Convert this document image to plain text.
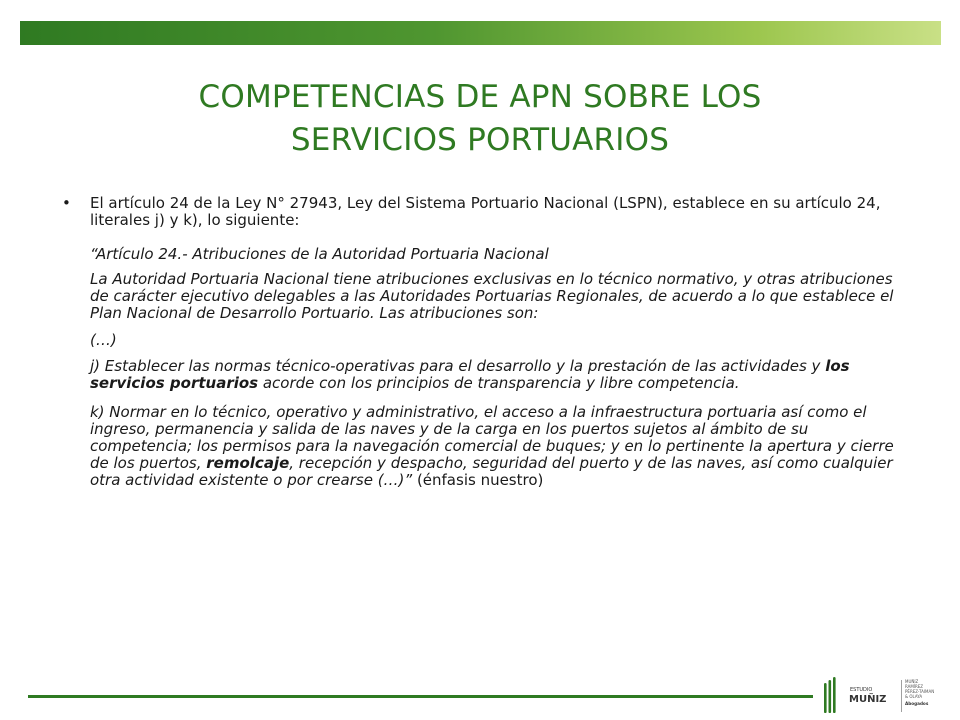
COMPETENCIAS DE APN SOBRE LOS
SERVICIOS PORTUARIOS
• El artículo 24 de la Ley N° 27943, Ley del Sistema Portuario Nacional (LSPN), establece en su artículo 24, literales j) y k), lo siguiente:

“Artículo 24.- Atribuciones de la Autoridad Portuaria Nacional

La Autoridad Portuaria Nacional tiene atribuciones exclusivas en lo técnico normativo, y otras atribuciones de carácter ejecutivo delegables a las Autoridades Portuarias Regionales, de acuerdo a lo que establece el Plan Nacional de Desarrollo Portuario. Las atribuciones son:

(…)

j) Establecer las normas técnico-operativas para el desarrollo y la prestación de las actividades y los servicios portuarios acorde con los principios de transparencia y libre competencia.

k) Normar en lo técnico, operativo y administrativo, el acceso a la infraestructura portuaria así como el ingreso, permanencia y salida de las naves y de la carga en los puertos sujetos al ámbito de su competencia; los permisos para la navegación comercial de buques; y en lo pertinente la apertura y cierre de los puertos, remolcaje, recepción y despacho, seguridad del puerto y de las naves, así como cualquier otra actividad existente o por crearse (…)” (énfasis nuestro)

ESTUDIO
MUÑIZ
MUÑIZ RAMÍREZ PÉREZ-TAIMAN & OLAYA
Abogados
